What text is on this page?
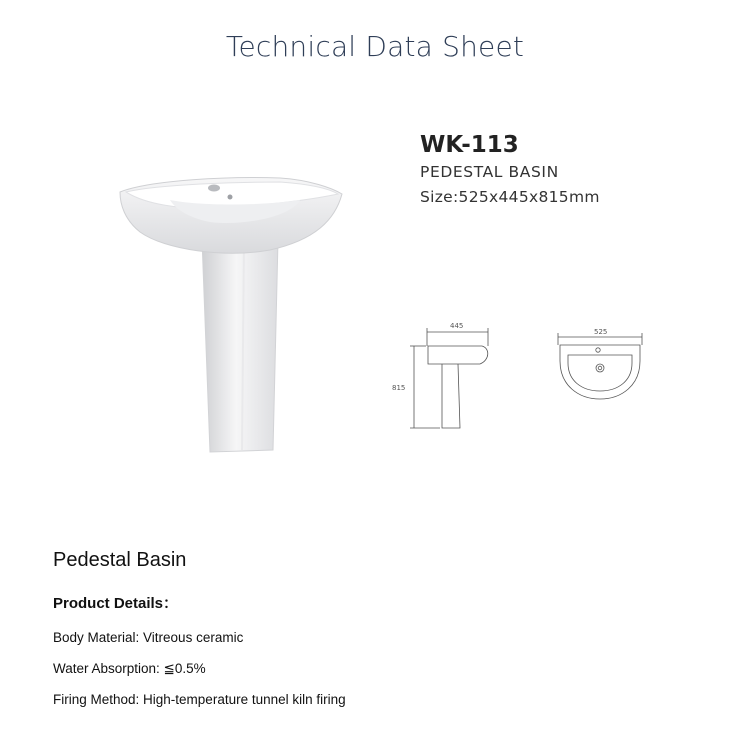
Technical Data Sheet
WK-113
PEDESTAL BASIN
Size:525x445x815mm
445
815
525
Pedestal Basin
Product Details：
Body Material: Vitreous ceramic
Water Absorption: ≦0.5%
Firing Method: High-temperature tunnel kiln firing
